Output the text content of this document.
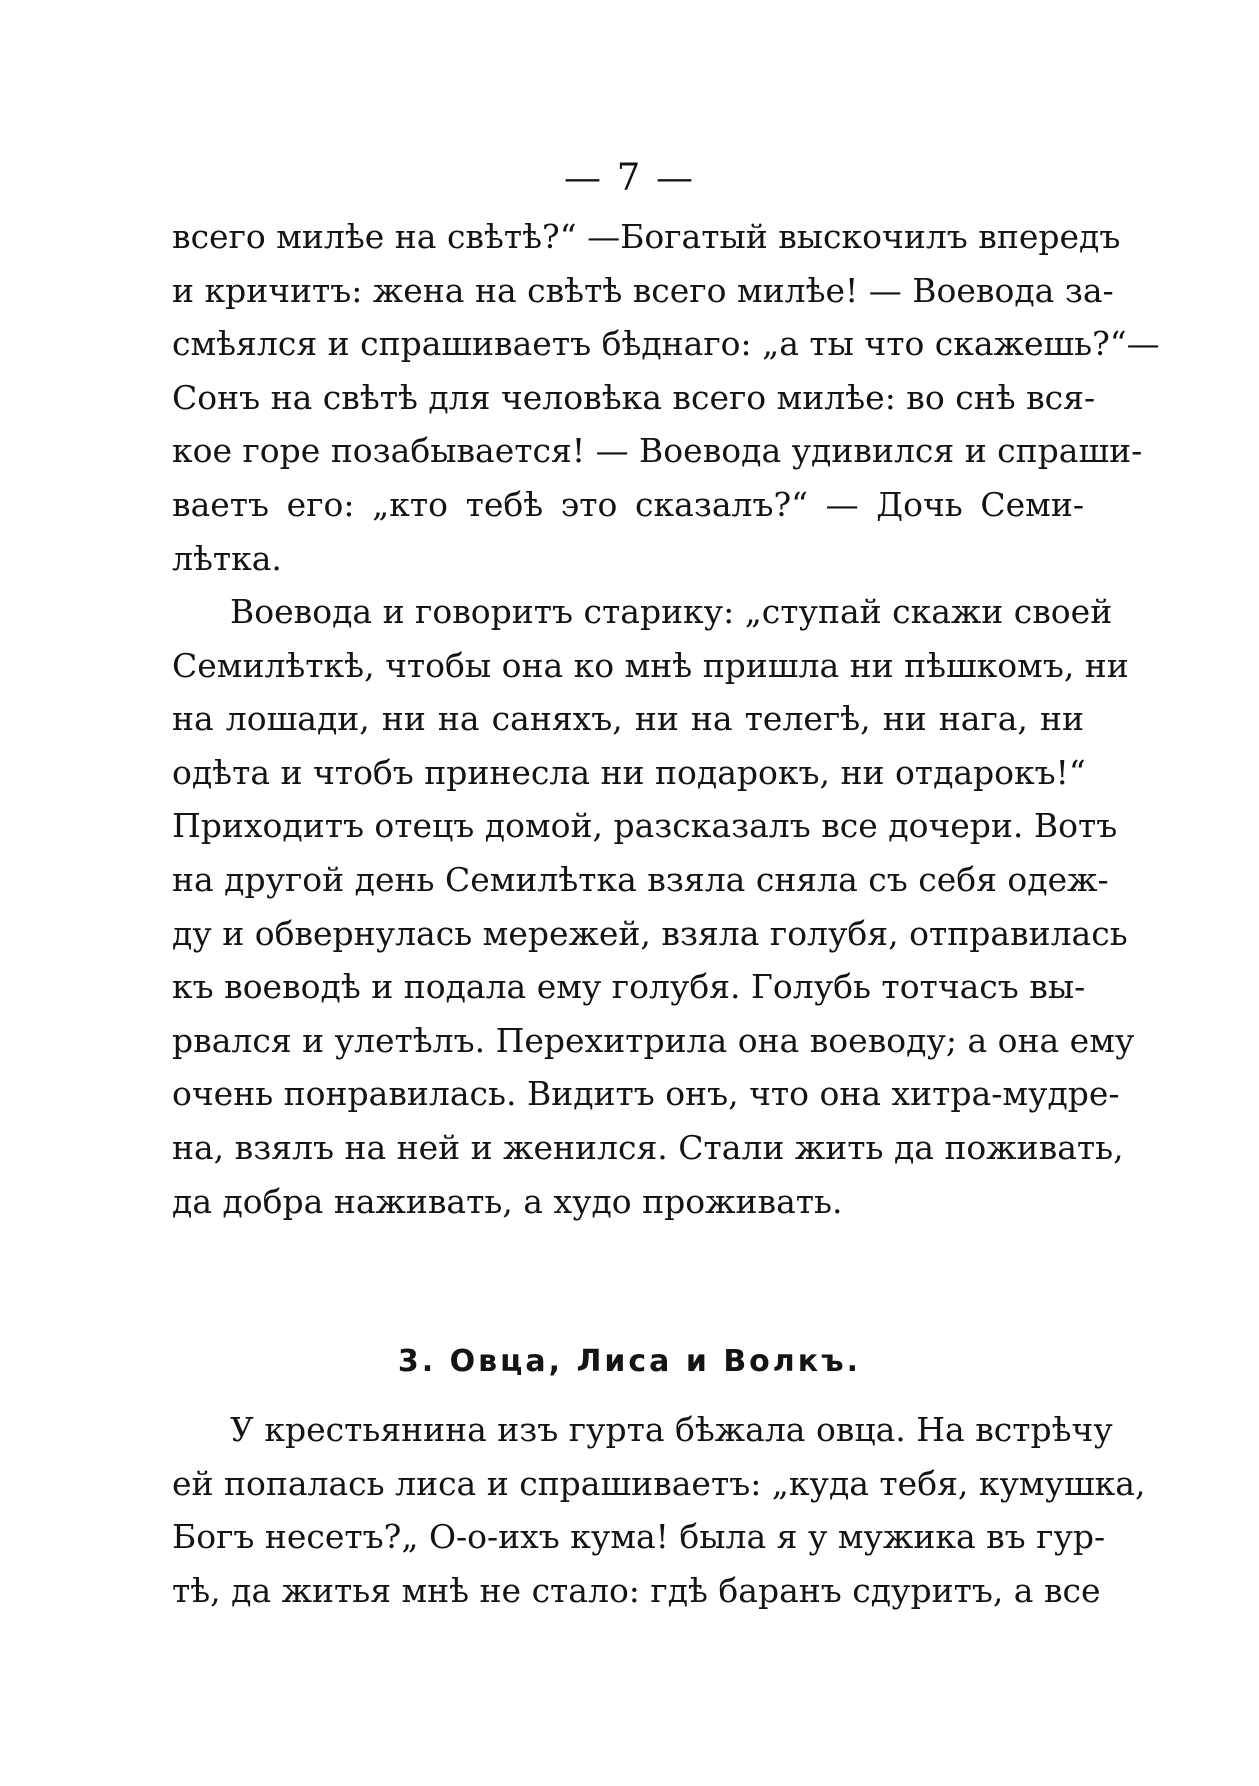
— 7 —
всего милѣе на свѣтѣ?“ —Богатый выскочилъ впередъ
и кричитъ: жена на свѣтѣ всего милѣе! — Воевода за-
смѣялся и спрашиваетъ бѣднаго: „а ты что скажешь?“—
Сонъ на свѣтѣ для человѣка всего милѣе: во снѣ вся-
кое горе позабывается! — Воевода удивился и спраши-
ваетъ его: „кто тебѣ это сказалъ?“ — Дочь Семи-
лѣтка.
Воевода и говоритъ старику: „ступай скажи своей
Семилѣткѣ, чтобы она ко мнѣ пришла ни пѣшкомъ, ни
на лошади, ни на саняхъ, ни на телегѣ, ни нага, ни
одѣта и чтобъ принесла ни подарокъ, ни отдарокъ!“
Приходитъ отецъ домой, разсказалъ все дочери. Вотъ
на другой день Семилѣтка взяла сняла съ себя одеж-
ду и обвернулась мережей, взяла голубя, отправилась
къ воеводѣ и подала ему голубя. Голубь тотчасъ вы-
рвался и улетѣлъ. Перехитрила она воеводу; а она ему
очень понравилась. Видитъ онъ, что она хитра-мудре-
на, взялъ на ней и женился. Стали жить да поживать,
да добра наживать, а худо проживать.
3. Овца, Лиса и Волкъ.
У крестьянина изъ гурта бѣжала овца. На встрѣчу
ей попалась лиса и спрашиваетъ: „куда тебя, кумушка,
Богъ несетъ?„ О-о-ихъ кума! была я у мужика въ гур-
тѣ, да житья мнѣ не стало: гдѣ баранъ сдуритъ, а все
